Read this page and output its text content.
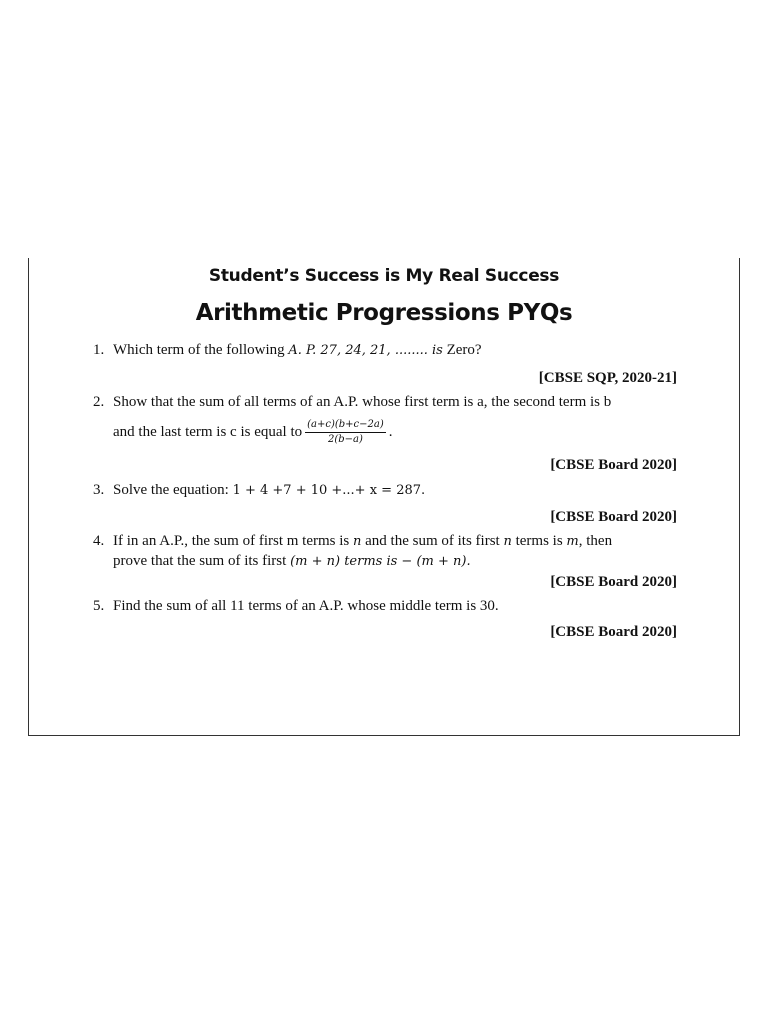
Student’s Success is My Real Success
Arithmetic Progressions PYQs
1. Which term of the following A. P. 27, 24, 21, ........ is Zero?
[CBSE SQP, 2020-21]
2. Show that the sum of all terms of an A.P. whose first term is a, the second term is b
and the last term is c is equal to $\frac{(a+c)(b+c-2a)}{2(b-a)}$ .
[CBSE Board 2020]
3. Solve the equation: 1 + 4 +7 + 10 +...+ x = 287.
[CBSE Board 2020]
4. If in an A.P., the sum of first m terms is n and the sum of its first n terms is m, then
prove that the sum of its first (m + n) terms is − (m + n).
[CBSE Board 2020]
5. Find the sum of all 11 terms of an A.P. whose middle term is 30.
[CBSE Board 2020]
